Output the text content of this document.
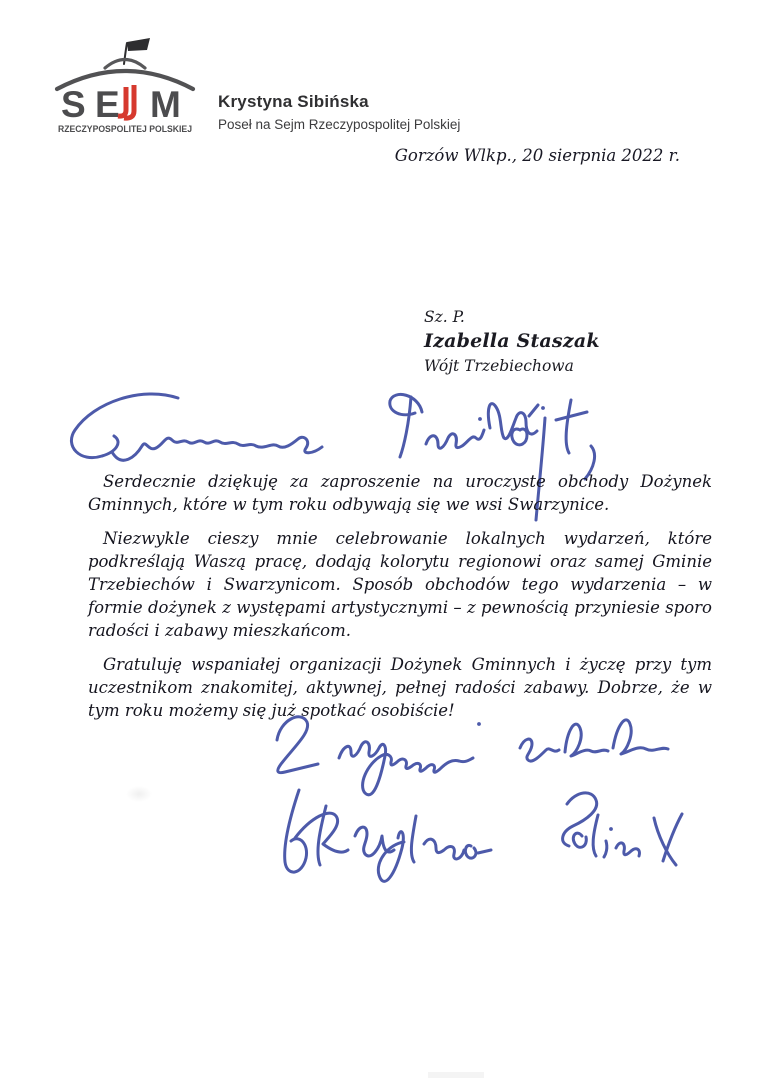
S E M
RZECZYPOSPOLITEJ POLSKIEJ
Krystyna Sibińska
Poseł na Sejm Rzeczypospolitej Polskiej
Gorzów Wlkp., 20 sierpnia 2022 r.
Sz. P.
Izabella Staszak
Wójt Trzebiechowa

Serdecznie dziękuję za zaproszenie na uroczyste obchody Dożynek Gminnych, które w tym roku odbywają się we wsi Swarzynice.

Niezwykle cieszy mnie celebrowanie lokalnych wydarzeń, które podkreślają Waszą pracę, dodają kolorytu regionowi oraz samej Gminie Trzebiechów i Swarzynicom. Sposób obchodów tego wydarzenia – w formie dożynek z występami artystycznymi – z pewnością przyniesie sporo radości i zabawy mieszkańcom.

Gratuluję wspaniałej organizacji Dożynek Gminnych i życzę przy tym uczestnikom znakomitej, aktywnej, pełnej radości zabawy. Dobrze, że w tym roku możemy się już spotkać osobiście!
